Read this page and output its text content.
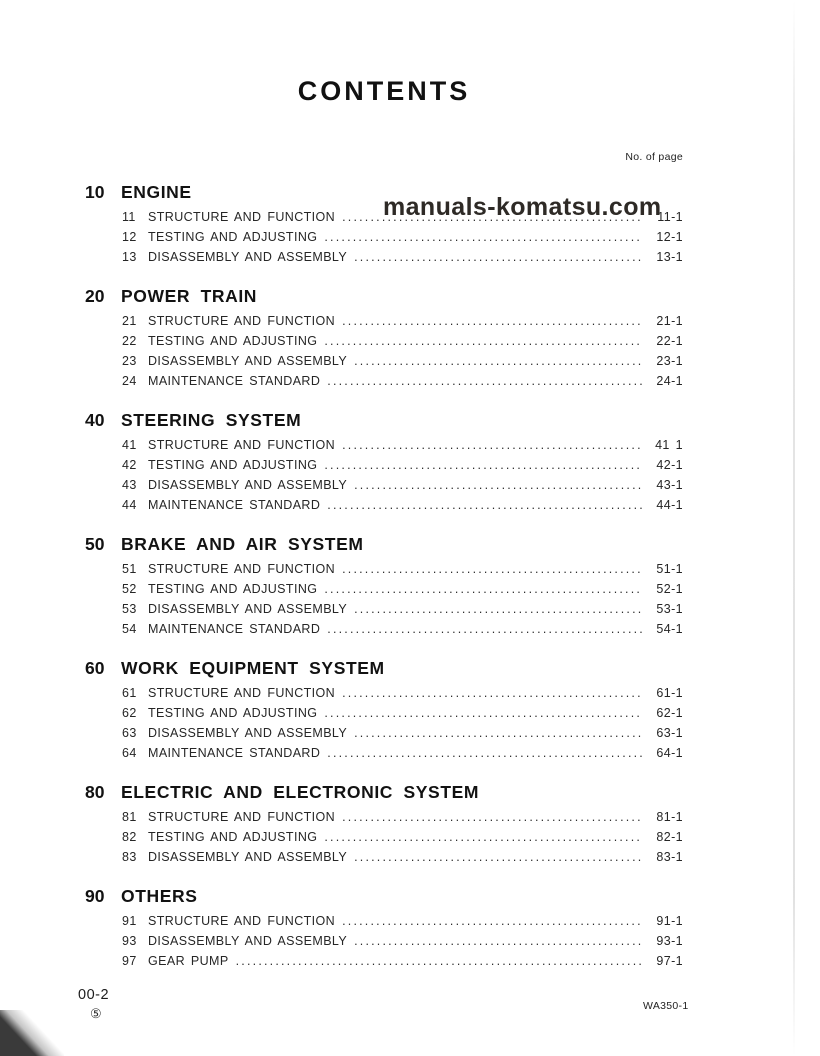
CONTENTS
No. of page
10 ENGINE
11 STRUCTURE AND FUNCTION .....	11-1
12 TESTING AND ADJUSTING .....	12-1
13 DISASSEMBLY AND ASSEMBLY .....	13-1
20 POWER TRAIN
21 STRUCTURE AND FUNCTION .....	21-1
22 TESTING AND ADJUSTING .....	22-1
23 DISASSEMBLY AND ASSEMBLY .....	23-1
24 MAINTENANCE STANDARD .....	24-1
40 STEERING SYSTEM
41 STRUCTURE AND FUNCTION .....	41 1
42 TESTING AND ADJUSTING .....	42-1
43 DISASSEMBLY AND ASSEMBLY .....	43-1
44 MAINTENANCE STANDARD .....	44-1
50 BRAKE AND AIR SYSTEM
51 STRUCTURE AND FUNCTION .....	51-1
52 TESTING AND ADJUSTING .....	52-1
53 DISASSEMBLY AND ASSEMBLY .....	53-1
54 MAINTENANCE STANDARD .....	54-1
60 WORK EQUIPMENT SYSTEM
61 STRUCTURE AND FUNCTION .....	61-1
62 TESTING AND ADJUSTING .....	62-1
63 DISASSEMBLY AND ASSEMBLY .....	63-1
64 MAINTENANCE STANDARD .....	64-1
80 ELECTRIC AND ELECTRONIC SYSTEM
81 STRUCTURE AND FUNCTION .....	81-1
82 TESTING AND ADJUSTING .....	82-1
83 DISASSEMBLY AND ASSEMBLY .....	83-1
90 OTHERS
91 STRUCTURE AND FUNCTION .....	91-1
93 DISASSEMBLY AND ASSEMBLY .....	93-1
97 GEAR PUMP .....	97-1
manuals-komatsu.com
00-2
⑤	WA350-1
